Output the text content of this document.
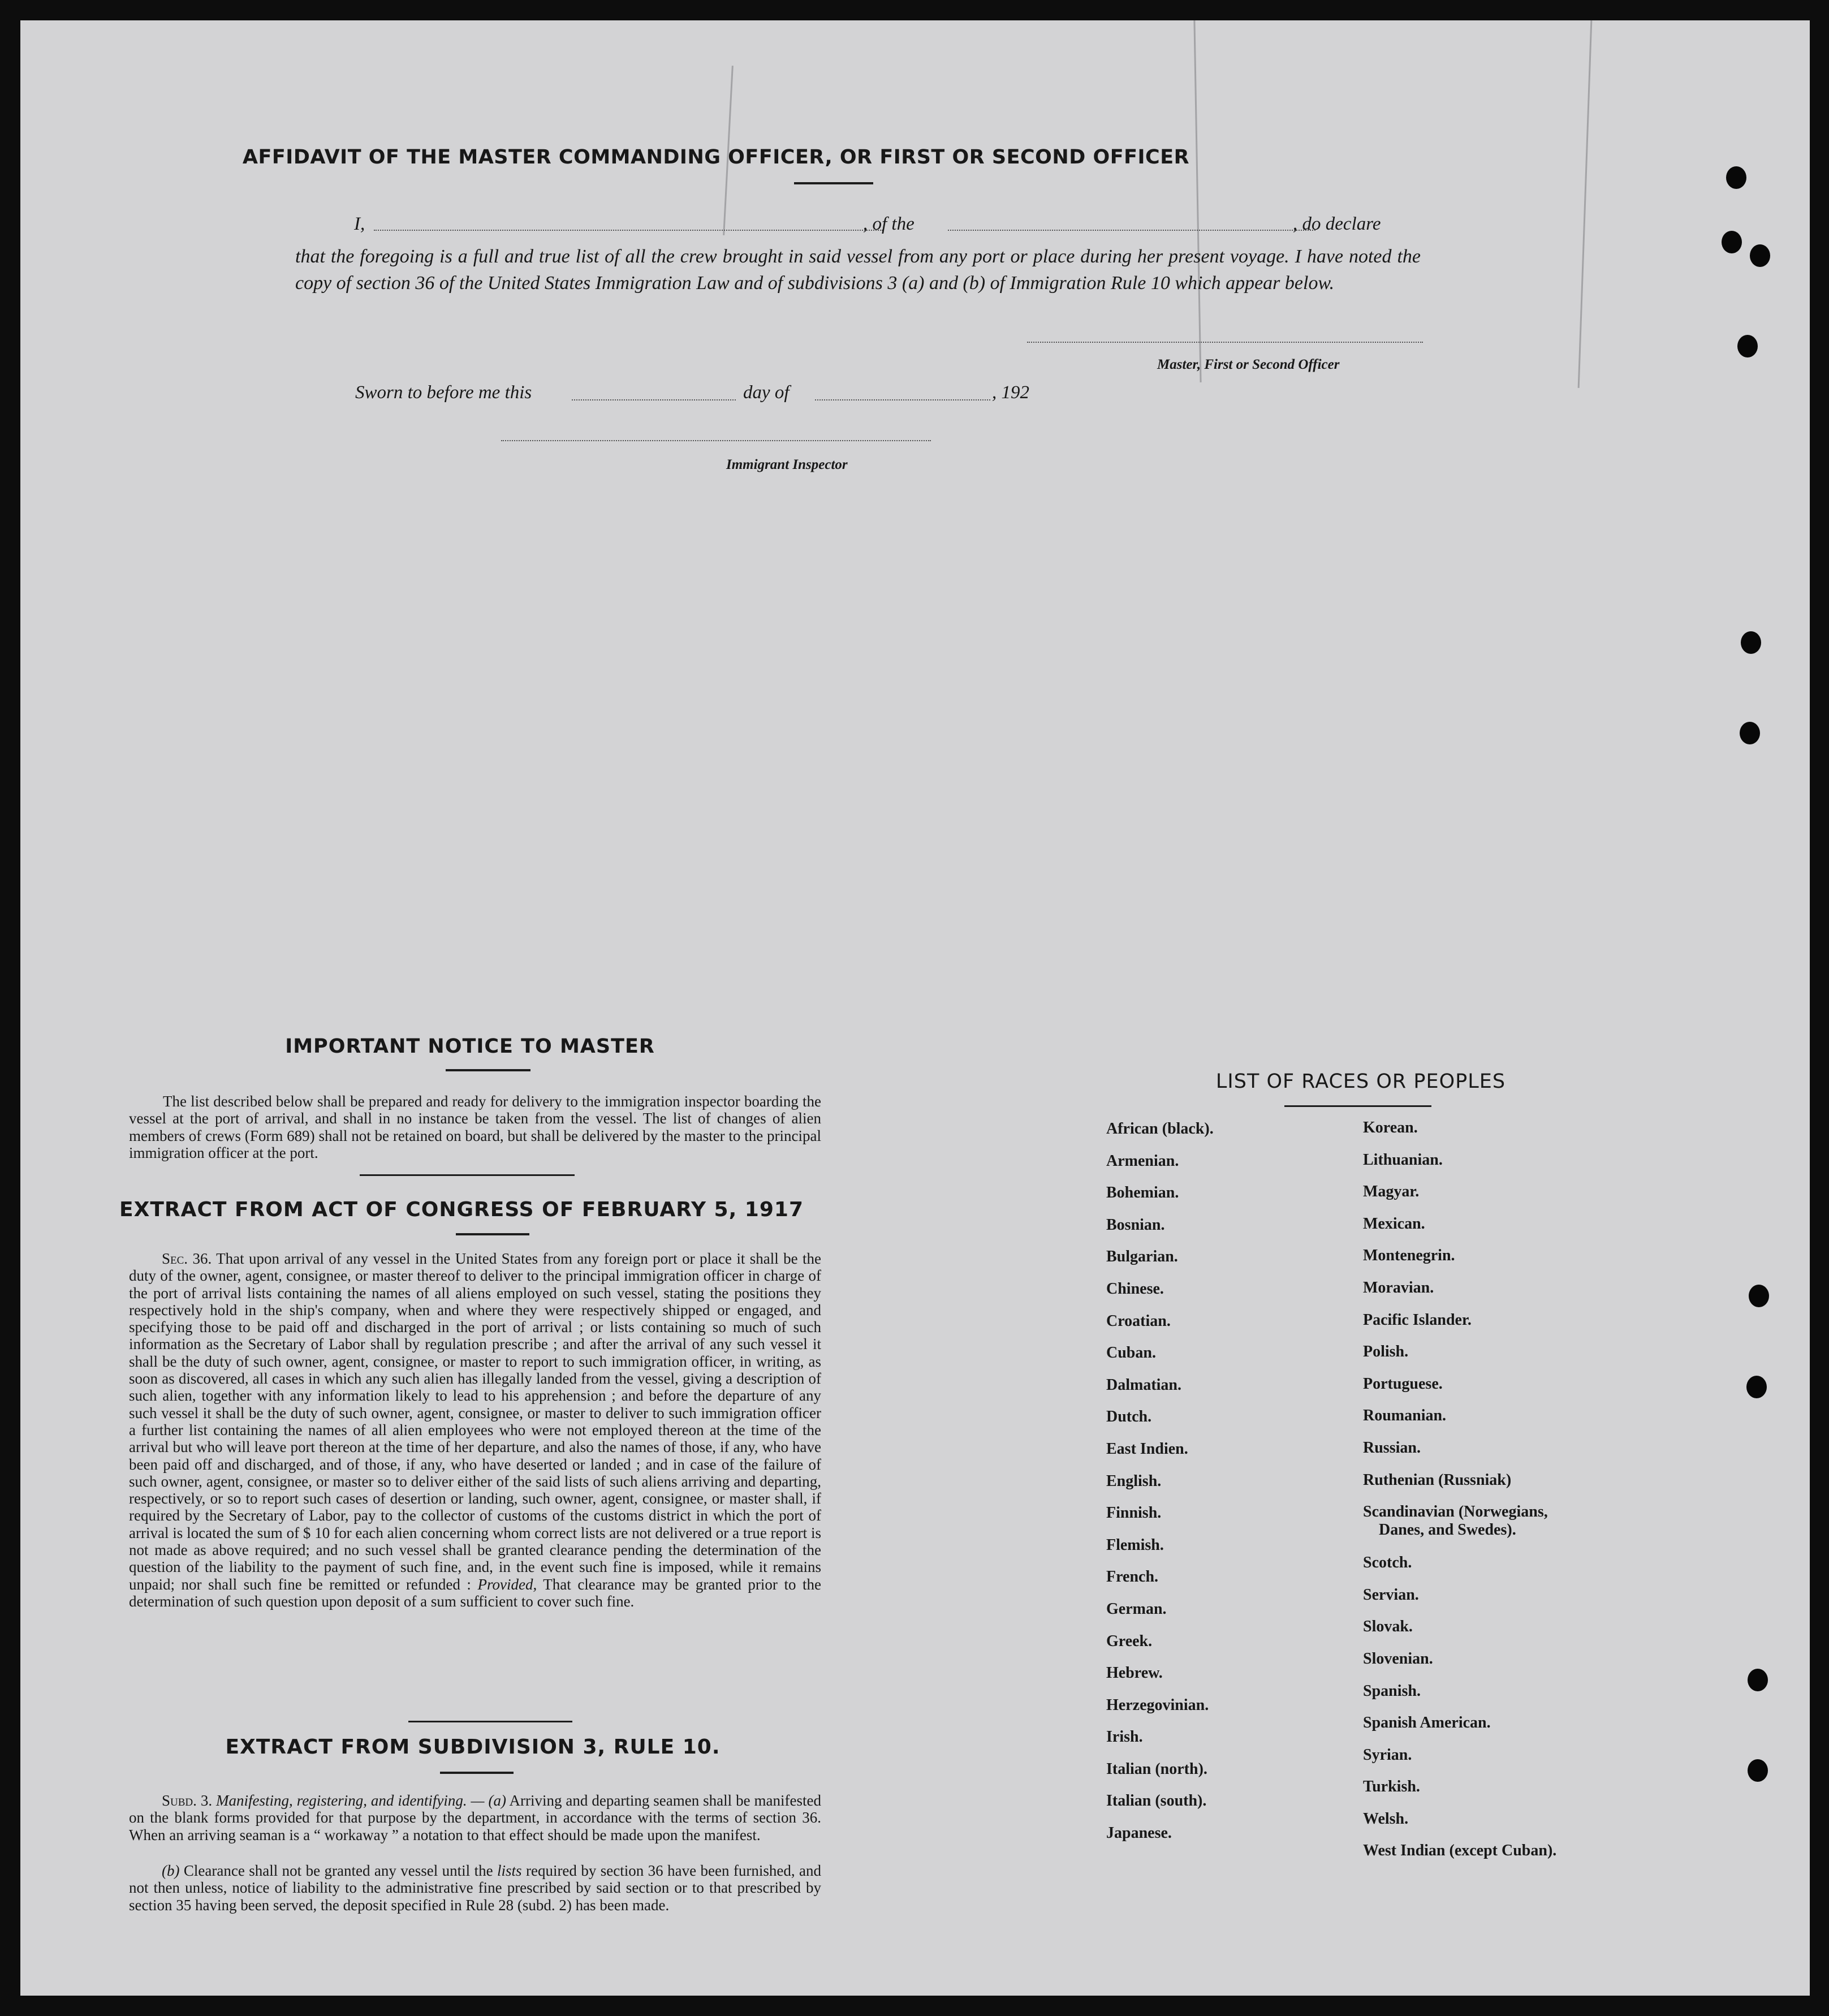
AFFIDAVIT OF THE MASTER COMMANDING OFFICER, OR FIRST OR SECOND OFFICER
I,	, of the	, do declare
that the foregoing is a full and true list of all the crew brought in said vessel from any port or place during her present voyage. I have noted the copy of section 36 of the United States Immigration Law and of subdivisions 3 (a) and (b) of Immigration Rule 10 which appear below.
Master, First or Second Officer
Sworn to before me this	day of	, 192
Immigrant Inspector
IMPORTANT NOTICE TO MASTER
The list described below shall be prepared and ready for delivery to the immigration inspector boarding the vessel at the port of arrival, and shall in no instance be taken from the vessel. The list of changes of alien members of crews (Form 689) shall not be retained on board, but shall be delivered by the master to the principal immigration officer at the port.
EXTRACT FROM ACT OF CONGRESS OF FEBRUARY 5, 1917
Sec. 36. That upon arrival of any vessel in the United States from any foreign port or place it shall be the duty of the owner, agent, consignee, or master thereof to deliver to the principal immigration officer in charge of the port of arrival lists containing the names of all aliens employed on such vessel, stating the positions they respectively hold in the ship's company, when and where they were respectively shipped or engaged, and specifying those to be paid off and discharged in the port of arrival ; or lists containing so much of such information as the Secretary of Labor shall by regulation prescribe ; and after the arrival of any such vessel it shall be the duty of such owner, agent, consignee, or master to report to such immigration officer, in writing, as soon as discovered, all cases in which any such alien has illegally landed from the vessel, giving a description of such alien, together with any information likely to lead to his apprehension ; and before the departure of any such vessel it shall be the duty of such owner, agent, consignee, or master to deliver to such immigration officer a further list containing the names of all alien employees who were not employed thereon at the time of the arrival but who will leave port thereon at the time of her departure, and also the names of those, if any, who have been paid off and discharged, and of those, if any, who have deserted or landed ; and in case of the failure of such owner, agent, consignee, or master so to deliver either of the said lists of such aliens arriving and departing, respectively, or so to report such cases of desertion or landing, such owner, agent, consignee, or master shall, if required by the Secretary of Labor, pay to the collector of customs of the customs district in which the port of arrival is located the sum of $ 10 for each alien concerning whom correct lists are not delivered or a true report is not made as above required; and no such vessel shall be granted clearance pending the determination of the question of the liability to the payment of such fine, and, in the event such fine is imposed, while it remains unpaid; nor shall such fine be remitted or refunded : Provided, That clearance may be granted prior to the determination of such question upon deposit of a sum sufficient to cover such fine.
EXTRACT FROM SUBDIVISION 3, RULE 10.
Subd. 3. Manifesting, registering, and identifying. — (a) Arriving and departing seamen shall be manifested on the blank forms provided for that purpose by the department, in accordance with the terms of section 36. When an arriving seaman is a “ workaway ” a notation to that effect should be made upon the manifest.
(b) Clearance shall not be granted any vessel until the lists required by section 36 have been furnished, and not then unless, notice of liability to the administrative fine prescribed by said section or to that prescribed by section 35 having been served, the deposit specified in Rule 28 (subd. 2) has been made.
LIST OF RACES OR PEOPLES
African (black).
Armenian.
Bohemian.
Bosnian.
Bulgarian.
Chinese.
Croatian.
Cuban.
Dalmatian.
Dutch.
East Indien.
English.
Finnish.
Flemish.
French.
German.
Greek.
Hebrew.
Herzegovinian.
Irish.
Italian (north).
Italian (south).
Japanese.
Korean.
Lithuanian.
Magyar.
Mexican.
Montenegrin.
Moravian.
Pacific Islander.
Polish.
Portuguese.
Roumanian.
Russian.
Ruthenian (Russniak)
Scandinavian (Norwegians,
Danes, and Swedes).
Scotch.
Servian.
Slovak.
Slovenian.
Spanish.
Spanish American.
Syrian.
Turkish.
Welsh.
West Indian (except Cuban).
